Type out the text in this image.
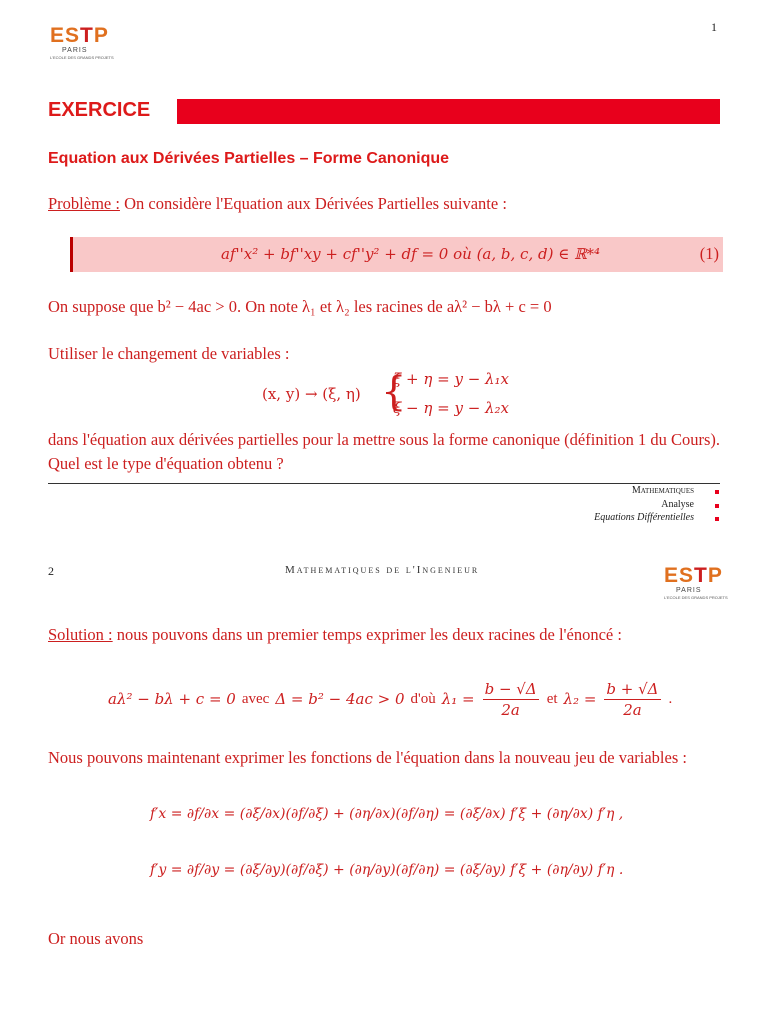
1
ESTP
PARIS
L'ECOLE DES GRANDS PROJETS
EXERCICE
Equation aux Dérivées Partielles – Forme Canonique
Problème : On considère l'Equation aux Dérivées Partielles suivante :
af''x² + bf''xy + cf''y² + df = 0 où (a, b, c, d) ∈ ℝ*⁴	(1)
On suppose que b² − 4ac > 0. On note λ₁ et λ₂ les racines de aλ² − bλ + c = 0
Utiliser le changement de variables :
(x, y) → (ξ, η) {
ξ + η = y − λ₁x
ξ − η = y − λ₂x
dans l'équation aux dérivées partielles pour la mettre sous la forme canonique (définition 1 du Cours). Quel est le type d'équation obtenu ?
Mathematiques
Analyse
Equations Différentielles
2	Mathematiques de l'Ingenieur	ESTP
PARIS
L'ECOLE DES GRANDS PROJETS
Solution : nous pouvons dans un premier temps exprimer les deux racines de l'énoncé :
aλ² − bλ + c = 0 avec Δ = b² − 4ac > 0 d'où $\lambda_1 = \frac{b - √\Delta}{2a}$ et $\lambda_2 = \frac{b + √\Delta}{2a}$ .
Nous pouvons maintenant exprimer les fonctions de l'équation dans la nouveau jeu de variables :
f′x = ∂f/∂x = (∂ξ/∂x)(∂f/∂ξ) + (∂η/∂x)(∂f/∂η) = (∂ξ/∂x) f′ξ + (∂η/∂x) f′η ,
f′y = ∂f/∂y = (∂ξ/∂y)(∂f/∂ξ) + (∂η/∂y)(∂f/∂η) = (∂ξ/∂y) f′ξ + (∂η/∂y) f′η .
Or nous avons
